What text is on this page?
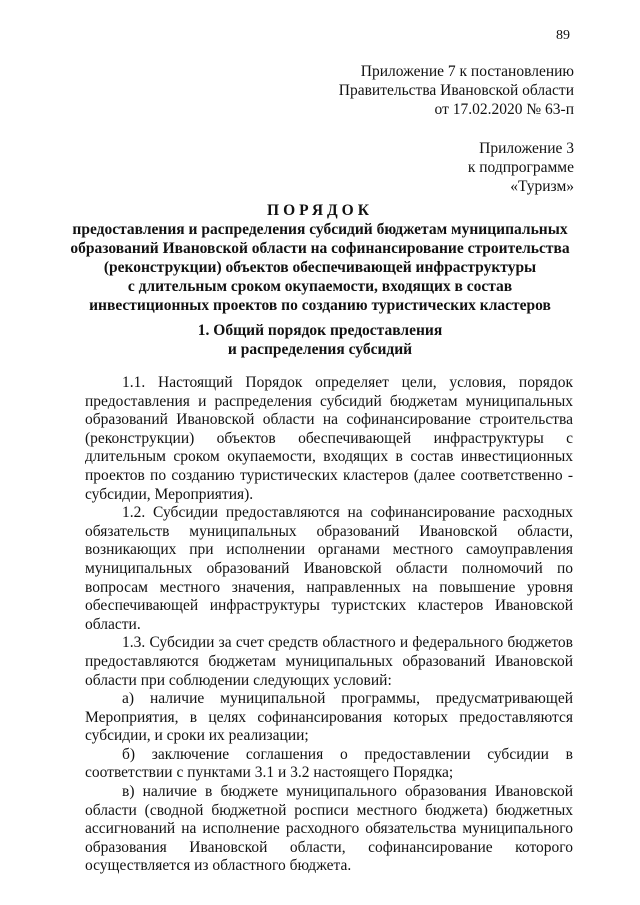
89
Приложение 7 к постановлению
Правительства Ивановской области
от 17.02.2020 № 63-п
Приложение 3
к подпрограмме
«Туризм»
ПОРЯДОК
предоставления и распределения субсидий бюджетам муниципальных
образований Ивановской области на софинансирование строительства
(реконструкции) объектов обеспечивающей инфраструктуры
с длительным сроком окупаемости, входящих в состав
инвестиционных проектов по созданию туристических кластеров
1. Общий порядок предоставления
и распределения субсидий

1.1. Настоящий Порядок определяет цели, условия, порядок предоставления и распределения субсидий бюджетам муниципальных образований Ивановской области на софинансирование строительства (реконструкции) объектов обеспечивающей инфраструктуры с длительным сроком окупаемости, входящих в состав инвестиционных проектов по созданию туристических кластеров (далее соответственно - субсидии, Мероприятия).

1.2. Субсидии предоставляются на софинансирование расходных обязательств муниципальных образований Ивановской области, возникающих при исполнении органами местного самоуправления муниципальных образований Ивановской области полномочий по вопросам местного значения, направленных на повышение уровня обеспечивающей инфраструктуры туристских кластеров Ивановской области.

1.3. Субсидии за счет средств областного и федерального бюджетов предоставляются бюджетам муниципальных образований Ивановской области при соблюдении следующих условий:

а) наличие муниципальной программы, предусматривающей Мероприятия, в целях софинансирования которых предоставляются субсидии, и сроки их реализации;

б) заключение соглашения о предоставлении субсидии в соответствии с пунктами 3.1 и 3.2 настоящего Порядка;

в) наличие в бюджете муниципального образования Ивановской области (сводной бюджетной росписи местного бюджета) бюджетных ассигнований на исполнение расходного обязательства муниципального образования Ивановской области, софинансирование которого осуществляется из областного бюджета.
